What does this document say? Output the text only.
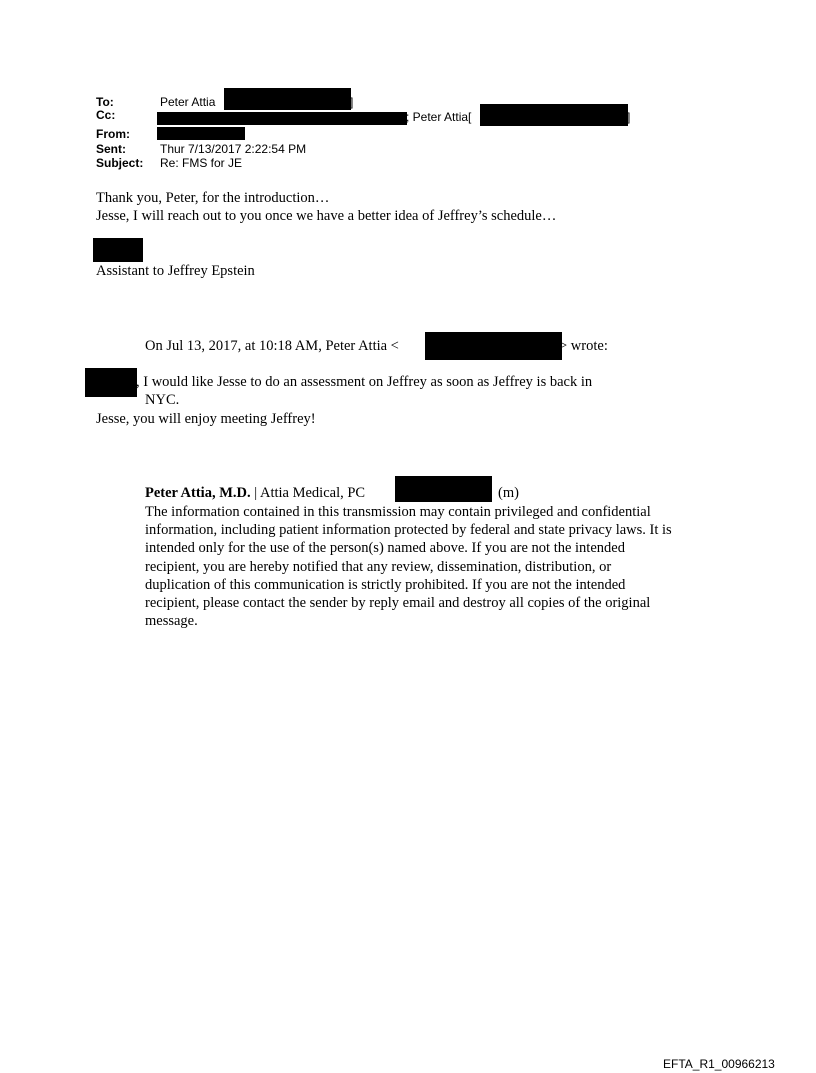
To:	Peter Attia	]
Cc:	; Peter Attia[	]
From:
Sent:	Thur 7/13/2017 2:22:54 PM
Subject: Re: FMS for JE
Thank you, Peter, for the introduction…
Jesse, I will reach out to you once we have a better idea of Jeffrey’s schedule…
Assistant to Jeffrey Epstein
On Jul 13, 2017, at 10:18 AM, Peter Attia <	> wrote:
, I would like Jesse to do an assessment on Jeffrey as soon as Jeffrey is back in
NYC.
Jesse, you will enjoy meeting Jeffrey!
Peter Attia, M.D. | Attia Medical, PC	(m)
The information contained in this transmission may contain privileged and confidential information, including patient information protected by federal and state privacy laws. It is intended only for the use of the person(s) named above. If you are not the intended recipient, you are hereby notified that any review, dissemination, distribution, or duplication of this communication is strictly prohibited. If you are not the intended recipient, please contact the sender by reply email and destroy all copies of the original message.
EFTA_R1_00966213
